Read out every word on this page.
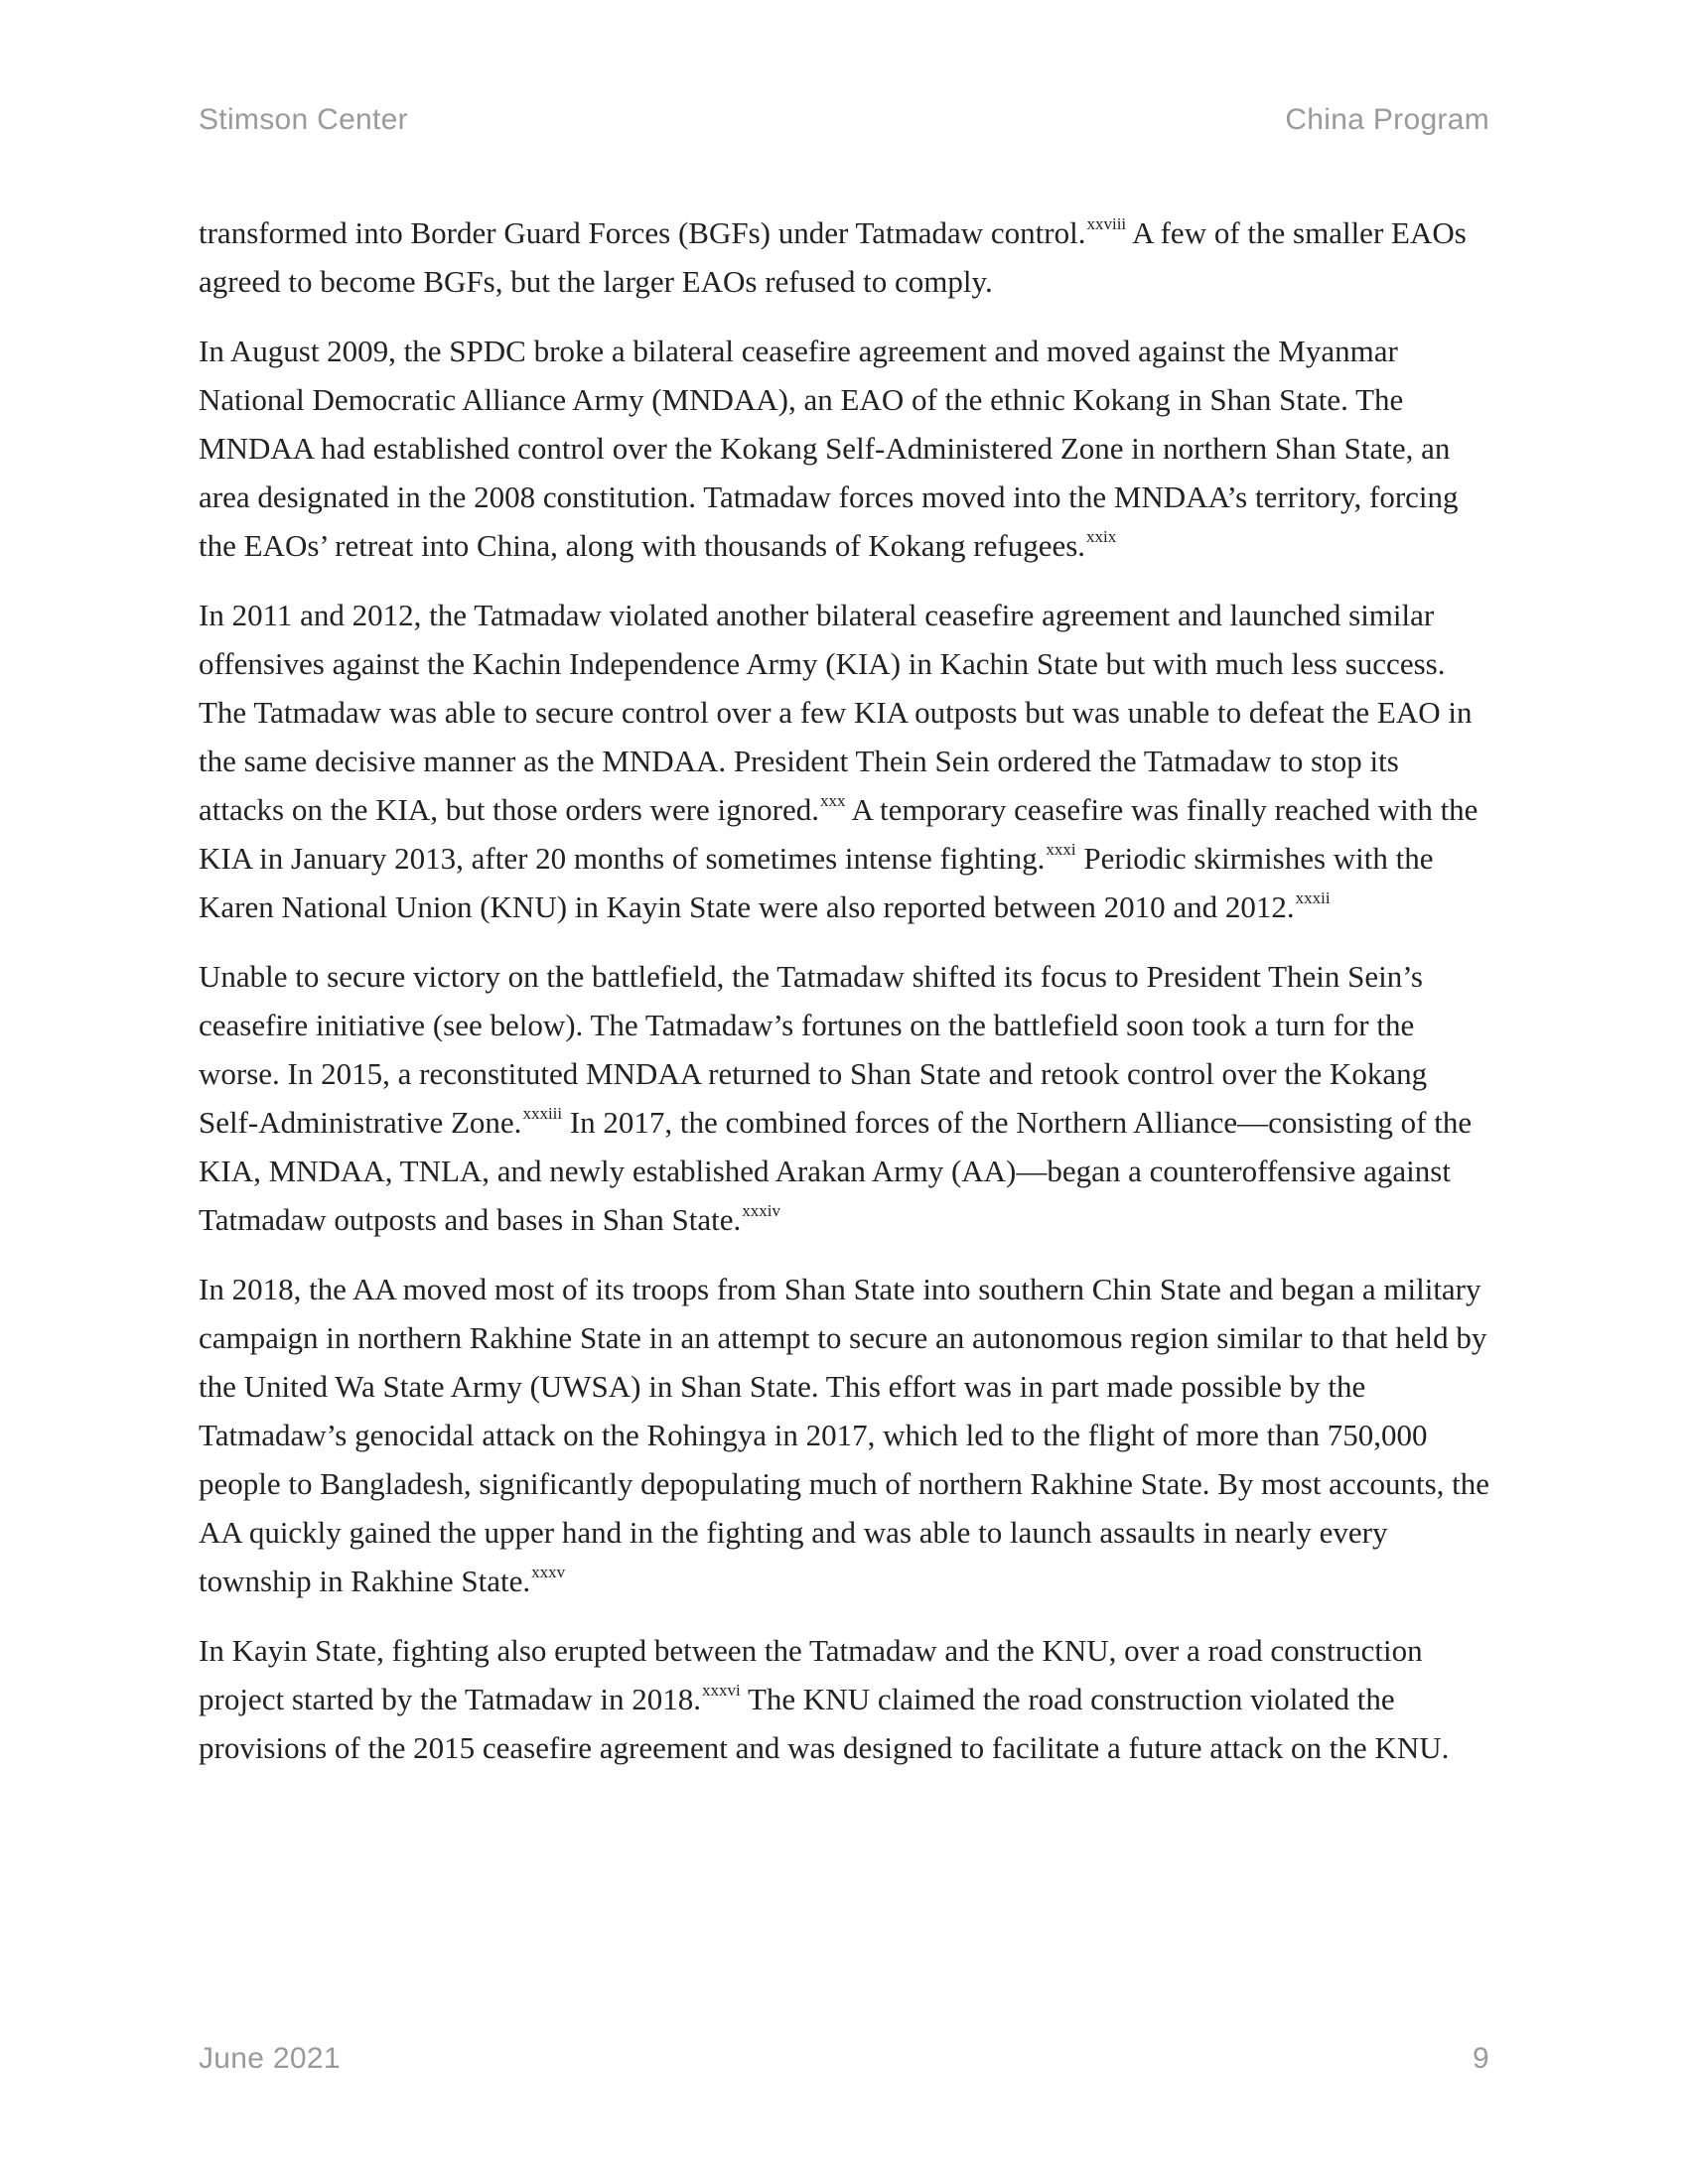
Stimson Center	China Program

transformed into Border Guard Forces (BGFs) under Tatmadaw control.$^{xxviii}$ A few of the smaller EAOs agreed to become BGFs, but the larger EAOs refused to comply.

In August 2009, the SPDC broke a bilateral ceasefire agreement and moved against the Myanmar National Democratic Alliance Army (MNDAA), an EAO of the ethnic Kokang in Shan State. The MNDAA had established control over the Kokang Self-Administered Zone in northern Shan State, an area designated in the 2008 constitution. Tatmadaw forces moved into the MNDAA’s territory, forcing the EAOs’ retreat into China, along with thousands of Kokang refugees.$^{xxix}$

In 2011 and 2012, the Tatmadaw violated another bilateral ceasefire agreement and launched similar offensives against the Kachin Independence Army (KIA) in Kachin State but with much less success. The Tatmadaw was able to secure control over a few KIA outposts but was unable to defeat the EAO in the same decisive manner as the MNDAA. President Thein Sein ordered the Tatmadaw to stop its attacks on the KIA, but those orders were ignored.$^{xxx}$ A temporary ceasefire was finally reached with the KIA in January 2013, after 20 months of sometimes intense fighting.$^{xxxi}$ Periodic skirmishes with the Karen National Union (KNU) in Kayin State were also reported between 2010 and 2012.$^{xxxii}$

Unable to secure victory on the battlefield, the Tatmadaw shifted its focus to President Thein Sein’s ceasefire initiative (see below). The Tatmadaw’s fortunes on the battlefield soon took a turn for the worse. In 2015, a reconstituted MNDAA returned to Shan State and retook control over the Kokang Self-Administrative Zone.$^{xxxiii}$ In 2017, the combined forces of the Northern Alliance—consisting of the KIA, MNDAA, TNLA, and newly established Arakan Army (AA)—began a counteroffensive against Tatmadaw outposts and bases in Shan State.$^{xxxiv}$

In 2018, the AA moved most of its troops from Shan State into southern Chin State and began a military campaign in northern Rakhine State in an attempt to secure an autonomous region similar to that held by the United Wa State Army (UWSA) in Shan State. This effort was in part made possible by the Tatmadaw’s genocidal attack on the Rohingya in 2017, which led to the flight of more than 750,000 people to Bangladesh, significantly depopulating much of northern Rakhine State. By most accounts, the AA quickly gained the upper hand in the fighting and was able to launch assaults in nearly every township in Rakhine State.$^{xxxv}$

In Kayin State, fighting also erupted between the Tatmadaw and the KNU, over a road construction project started by the Tatmadaw in 2018.$^{xxxvi}$ The KNU claimed the road construction violated the provisions of the 2015 ceasefire agreement and was designed to facilitate a future attack on the KNU.

June 2021	9
